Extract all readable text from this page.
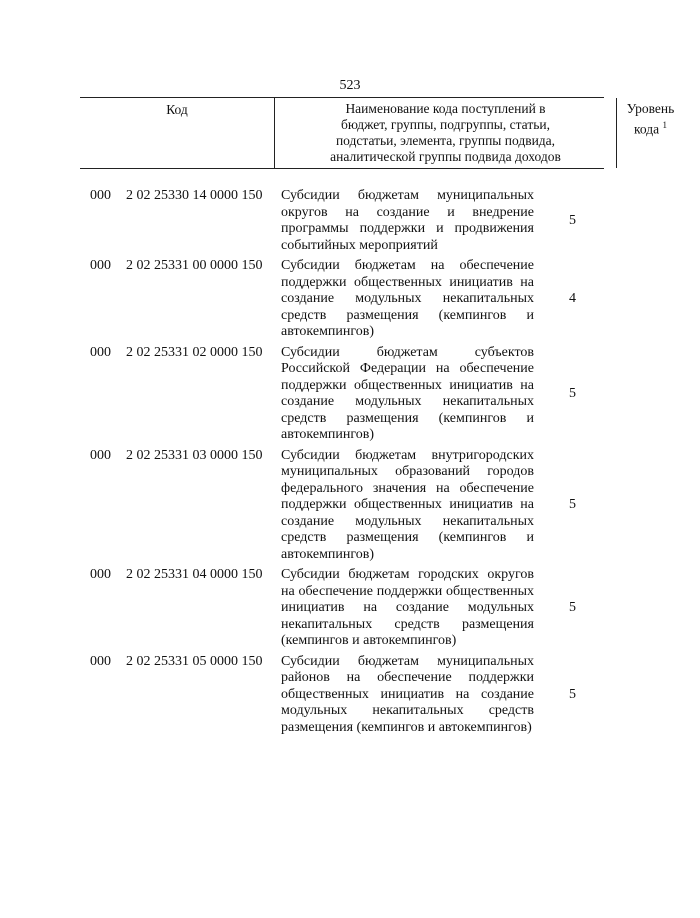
523
Код	Наименование кода поступлений в
бюджет, группы, подгруппы, статьи,
подстатьи, элемента, группы подвида,
аналитической группы подвида доходов
Уровень
кода $^1$
000 2 02 25330 14 0000 150 Субсидии бюджетам муниципальных округов на создание и внедрение программы поддержки и продвижения событийных мероприятий
5
000 2 02 25331 00 0000 150 Субсидии бюджетам на обеспечение поддержки общественных инициатив на создание модульных некапитальных средств размещения (кемпингов и автокемпингов)
4
000 2 02 25331 02 0000 150 Субсидии бюджетам субъектов Российской Федерации на обеспечение поддержки общественных инициатив на создание модульных некапитальных средств размещения (кемпингов и автокемпингов)
5
000 2 02 25331 03 0000 150 Субсидии бюджетам внутригородских муниципальных образований городов федерального значения на обеспечение поддержки общественных инициатив на создание модульных некапитальных средств размещения (кемпингов и автокемпингов)
5
000 2 02 25331 04 0000 150 Субсидии бюджетам городских округов на обеспечение поддержки общественных инициатив на создание модульных некапитальных средств размещения (кемпингов и автокемпингов)
5
000 2 02 25331 05 0000 150 Субсидии бюджетам муниципальных районов на обеспечение поддержки общественных инициатив на создание модульных некапитальных средств размещения (кемпингов и автокемпингов)
5
